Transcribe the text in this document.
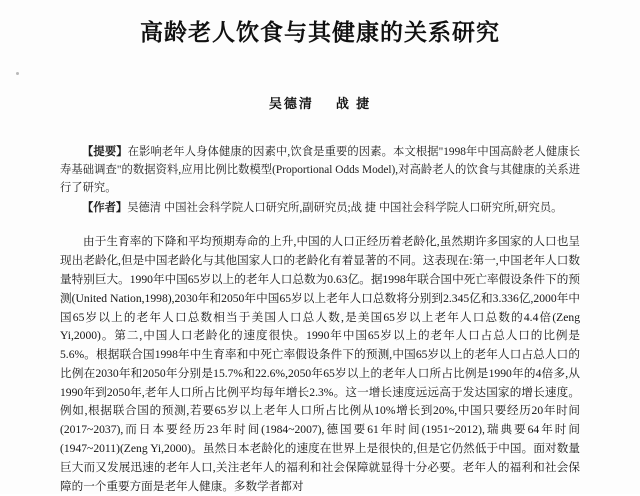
高龄老人饮食与其健康的关系研究
吴德清 战 捷

【提要】在影响老年人身体健康的因素中,饮食是重要的因素。本文根据"1998年中国高龄老人健康长寿基础调查"的数据资料,应用比例比数模型(Proportional Odds Model),对高龄老人的饮食与其健康的关系进行了研究。

【作者】吴德清 中国社会科学院人口研究所,副研究员;战 捷 中国社会科学院人口研究所,研究员。

由于生育率的下降和平均预期寿命的上升,中国的人口正经历着老龄化,虽然期许多国家的人口也呈现出老龄化,但是中国老龄化与其他国家人口的老龄化有着显著的不同。这表现在:第一,中国老年人口数量特别巨大。1990年中国65岁以上的老年人口总数为0.63亿。据1998年联合国中死亡率假设条件下的预测(United Nation,1998),2030年和2050年中国65岁以上老年人口总数将分别到2.345亿和3.336亿,2000年中国65岁以上的老年人口总数相当于美国人口总人数,是美国65岁以上老年人口总数的4.4倍(Zeng Yi,2000)。第二,中国人口老龄化的速度很快。1990年中国65岁以上的老年人口占总人口的比例是5.6%。根据联合国1998年中生育率和中死亡率假设条件下的预测,中国65岁以上的老年人口占总人口的比例在2030年和2050年分别是15.7%和22.6%,2050年65岁以上的老年人口所占比例是1990年的4倍多,从1990年到2050年,老年人口所占比例平均每年增长2.3%。这一增长速度远远高于发达国家的增长速度。例如,根据联合国的预测,若要65岁以上老年人口所占比例从10%增长到20%,中国只要经历20年时间(2017~2037),而日本要经历23年时间(1984~2007),德国要61年时间(1951~2012),瑞典要64年时间(1947~2011)(Zeng Yi,2000)。虽然日本老龄化的速度在世界上是很快的,但是它仍然低于中国。面对数量巨大而又发展迅速的老年人口,关注老年人的福利和社会保障就显得十分必要。老年人的福利和社会保障的一个重要方面是老年人健康。多数学者都对
